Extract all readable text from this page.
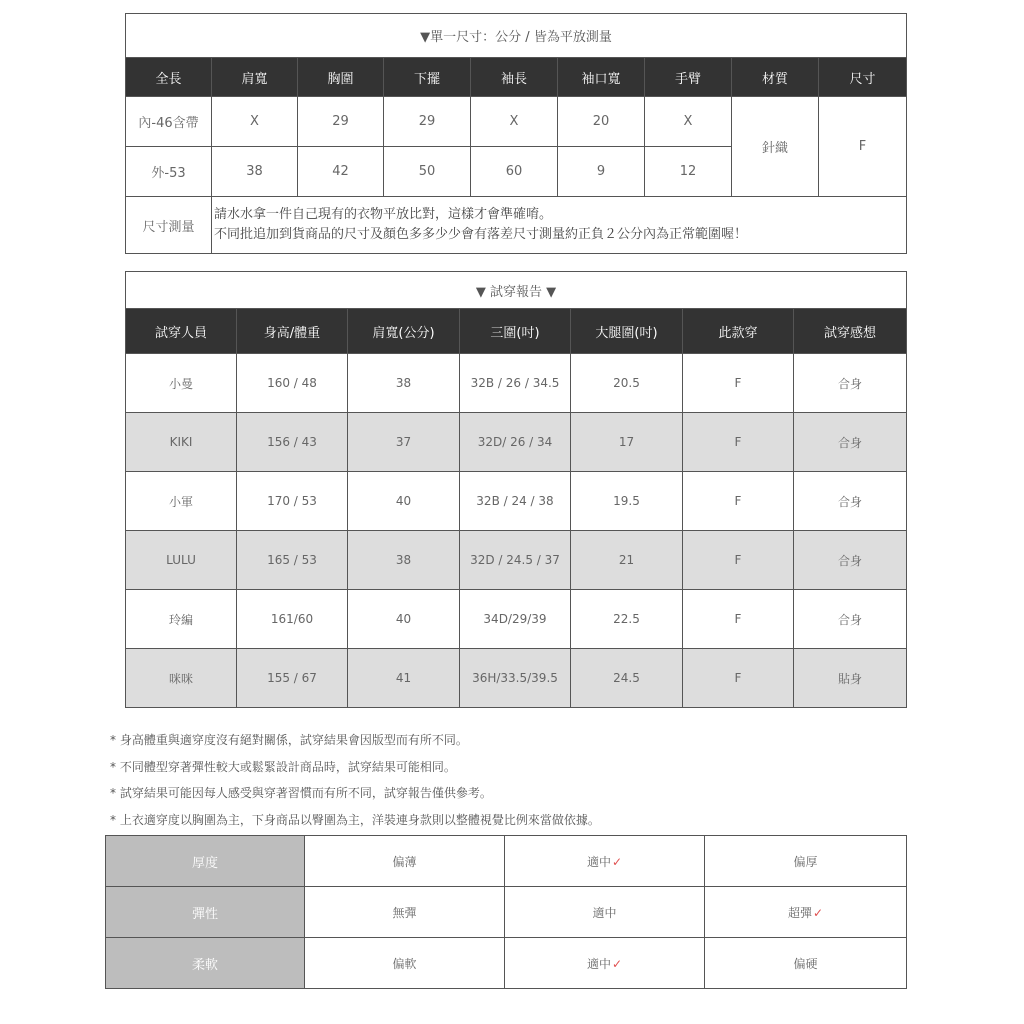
▼單一尺寸：公分 / 皆為平放測量								
全長	肩寬	胸圍	下擺	袖長	袖口寬	手臂	材質	尺寸
內-46含帶	X	29	29	X	20	X	針織	F
外-53	38	42	50	60	9	12		
尺寸測量	請水水拿一件自己現有的衣物平放比對，這樣才會準確唷。
不同批追加到貨商品的尺寸及顏色多多少少會有落差尺寸測量約正負２公分內為正常範圍喔！							
▼ 試穿報告 ▼						
試穿人員	身高/體重	肩寬(公分)	三圍(吋)	大腿圍(吋)	此款穿	試穿感想
小曼	160 / 48	38	32B / 26 / 34.5	20.5	F	合身
KIKI	156 / 43	37	32D/ 26 / 34	17	F	合身
小軍	170 / 53	40	32B / 24 / 38	19.5	F	合身
LULU	165 / 53	38	32D / 24.5 / 37	21	F	合身
玲編	161/60	40	34D/29/39	22.5	F	合身
咪咪	155 / 67	41	36H/33.5/39.5	24.5	F	貼身
* 身高體重與適穿度沒有絕對關係，試穿結果會因版型而有所不同。
* 不同體型穿著彈性較大或鬆緊設計商品時，試穿結果可能相同。
* 試穿結果可能因每人感受與穿著習慣而有所不同，試穿報告僅供參考。
* 上衣適穿度以胸圍為主，下身商品以臀圍為主，洋裝連身款則以整體視覺比例來當做依據。
厚度	偏薄	適中✓	偏厚
彈性	無彈	適中	超彈✓
柔軟	偏軟	適中✓	偏硬
